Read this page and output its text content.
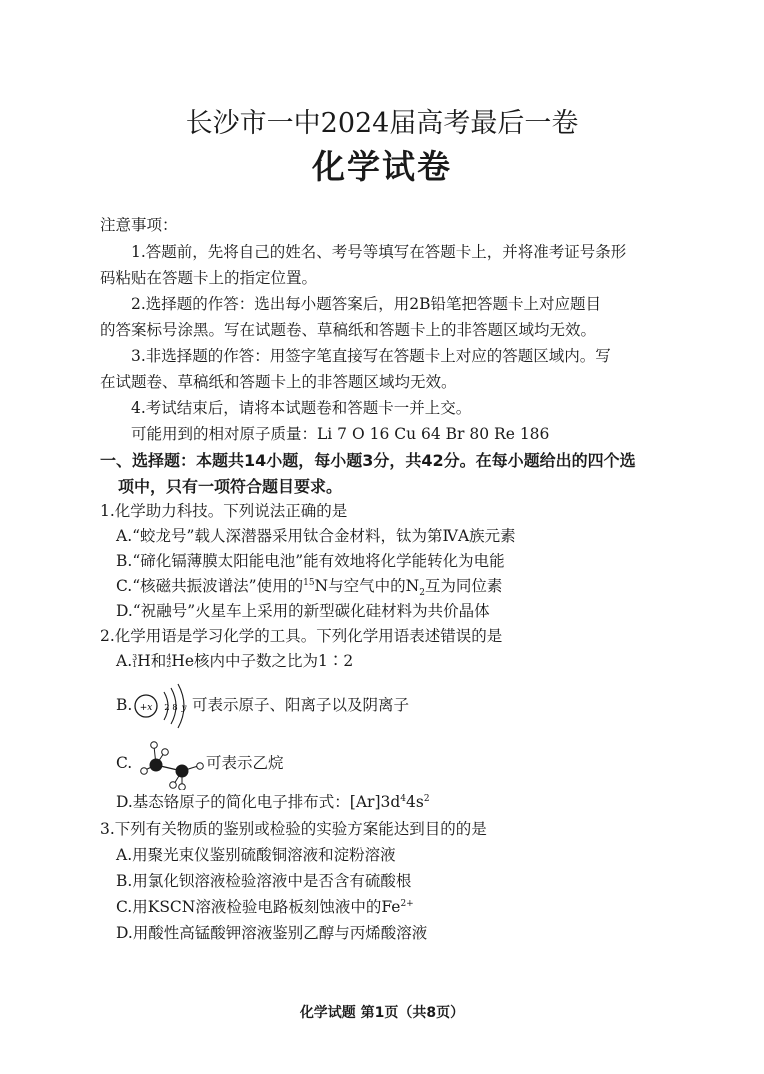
长沙市一中2024届高考最后一卷
化学试卷
注意事项：
1.答题前，先将自己的姓名、考号等填写在答题卡上，并将准考证号条形
码粘贴在答题卡上的指定位置。
2.选择题的作答：选出每小题答案后，用2B铅笔把答题卡上对应题目
的答案标号涂黑。写在试题卷、草稿纸和答题卡上的非答题区域均无效。
3.非选择题的作答：用签字笔直接写在答题卡上对应的答题区域内。写
在试题卷、草稿纸和答题卡上的非答题区域均无效。
4.考试结束后，请将本试题卷和答题卡一并上交。
可能用到的相对原子质量：Li 7 O 16 Cu 64 Br 80 Re 186
一、选择题：本题共14小题，每小题3分，共42分。在每小题给出的四个选
项中，只有一项符合题目要求。
1.化学助力科技。下列说法正确的是
A.“蛟龙号”载人深潜器采用钛合金材料，钛为第ⅣA族元素
B.“碲化镉薄膜太阳能电池”能有效地将化学能转化为电能
C.“核磁共振波谱法”使用的$^{15}$N与空气中的$N_2$互为同位素
D.“祝融号”火星车上采用的新型碳化硅材料为共价晶体
2.化学用语是学习化学的工具。下列化学用语表述错误的是
A.3
1H和4
2He核内中子数之比为1∶2
B. +x 2 8 y 可表示原子、阳离子以及阴离子
C.	可表示乙烷
D.基态铬原子的简化电子排布式：$[Ar]3d^44s^2$
3.下列有关物质的鉴别或检验的实验方案能达到目的的是
A.用聚光束仪鉴别硫酸铜溶液和淀粉溶液
B.用氯化钡溶液检验溶液中是否含有硫酸根
C.用KSCN溶液检验电路板刻蚀液中的$Fe^{2+}$
D.用酸性高锰酸钾溶液鉴别乙醇与丙烯酸溶液
化学试题 第1页（共8页）
